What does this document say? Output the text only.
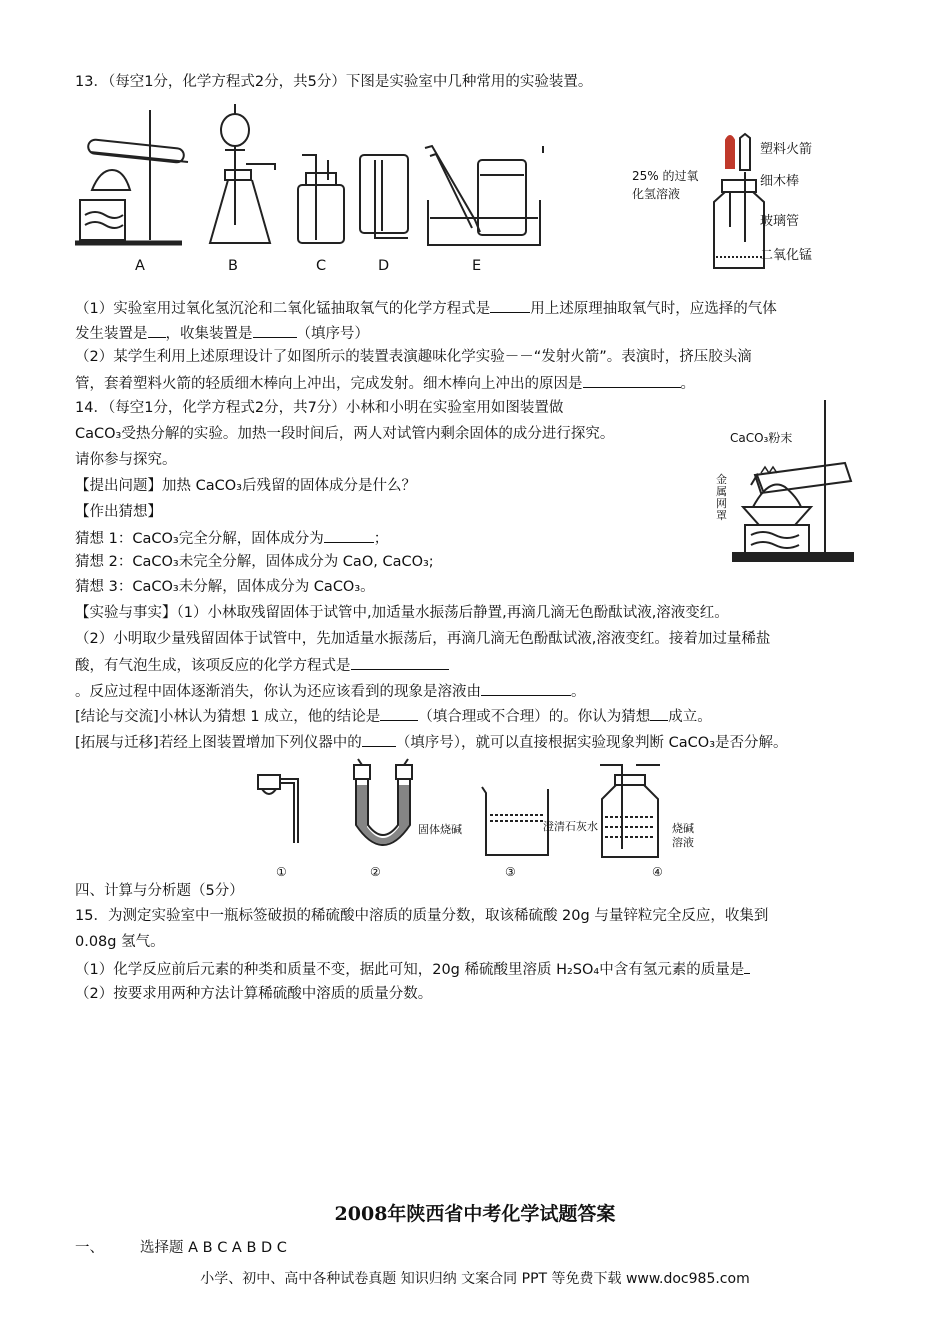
13．（每空1分，化学方程式2分，共5分）下图是实验室中几种常用的实验装置。
A	B	C	D	E
塑料火箭
25% 的过氧
化氢溶液
细木棒
玻璃管
二氧化锰
（1）实验室用过氧化氢沉沦和二氧化锰抽取氧气的化学方程式是	用上述原理抽取氧气时，应选择的气体
发生装置是 ，收集装置是	（填序号）
（2）某学生利用上述原理设计了如图所示的装置表演趣味化学实验－－“发射火箭”。表演时，挤压胶头滴
管，套着塑料火箭的轻质细木棒向上冲出，完成发射。细木棒向上冲出的原因是	。
14．（每空1分，化学方程式2分，共7分）小林和小明在实验室用如图装置做
CaCO₃受热分解的实验。加热一段时间后，两人对试管内剩余固体的成分进行探究。
请你参与探究。
【提出问题】加热 CaCO₃后残留的固体成分是什么？
【作出猜想】
猜想 1：CaCO₃完全分解，固体成分为	；
猜想 2：CaCO₃未完全分解，固体成分为 CaO, CaCO₃;
猜想 3：CaCO₃未分解，固体成分为 CaCO₃。
CaCO₃粉末
金
属
网
罩
【实验与事实】（1）小林取残留固体于试管中,加适量水振荡后静置,再滴几滴无色酚酞试液,溶液变红。
（2）小明取少量残留固体于试管中，先加适量水振荡后，再滴几滴无色酚酞试液,溶液变红。接着加过量稀盐
酸，有气泡生成，该项反应的化学方程式是
。反应过程中固体逐渐消失，你认为还应该看到的现象是溶液由	。
[结论与交流]小林认为猜想 1 成立，他的结论是	（填合理或不合理）的。你认为猜想 成立。
[拓展与迁移]若经上图装置增加下列仪器中的 （填序号），就可以直接根据实验现象判断 CaCO₃是否分解。
固体烧碱	澄清石灰水	烧碱
溶液
①	②	③	④
四、计算与分析题（5分）
15．为测定实验室中一瓶标签破损的稀硫酸中溶质的质量分数，取该稀硫酸 20g 与量锌粒完全反应，收集到
0.08g 氢气。
（1）化学反应前后元素的种类和质量不变，据此可知，20g 稀硫酸里溶质 H₂SO₄中含有氢元素的质量是
（2）按要求用两种方法计算稀硫酸中溶质的质量分数。
2008年陕西省中考化学试题答案
一、 选择题 A B C A B D C
小学、初中、高中各种试卷真题 知识归纳 文案合同 PPT 等免费下载 www.doc985.com
